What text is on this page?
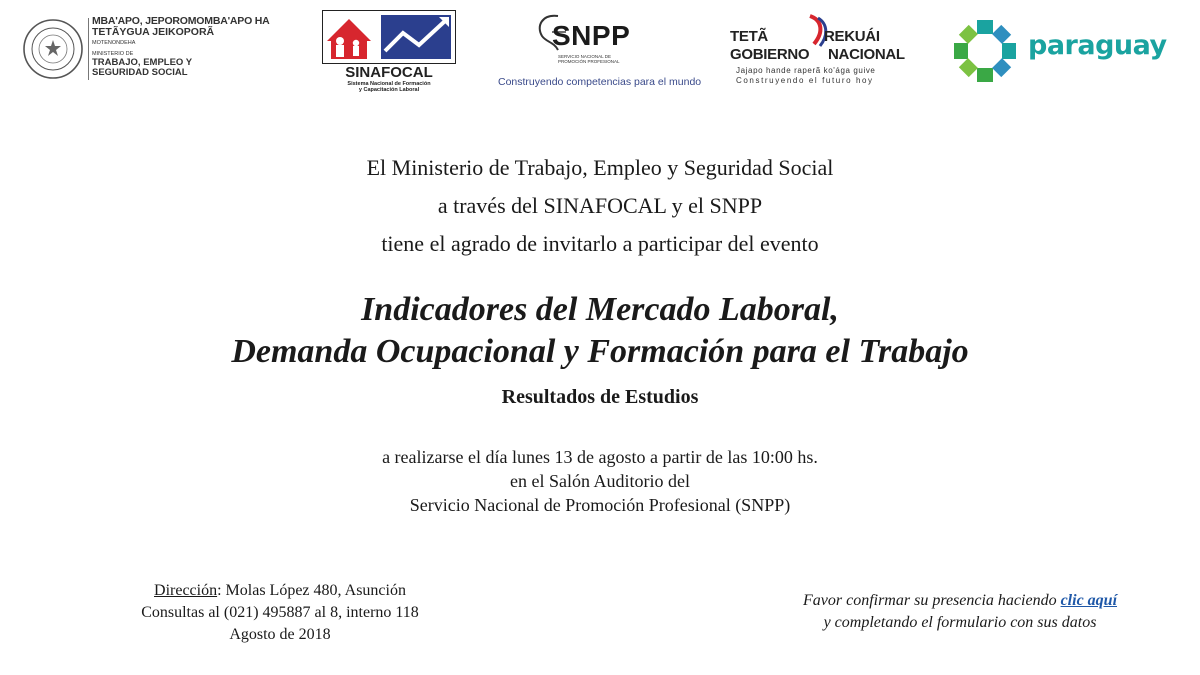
MBA'APO, JEPOROMOMBA'APO HA
TETÃYGUA JEIKOPORÃ
MOTENONDEHA
MINISTERIO DE
TRABAJO, EMPLEO Y
SEGURIDAD SOCIAL	SINAFOCAL
Sistema Nacional de Formación
y Capacitación Laboral
SNPP
SERVICIO NACIONAL DE
PROMOCIÓN PROFESIONAL
Construyendo competencias para el mundo
TETÃ	REKUÁI
GOBIERNO NACIONAL
Jajapo hande raperã ko'ága guive
Construyendo el futuro hoy
paraguay
El Ministerio de Trabajo, Empleo y Seguridad Social
a través del SINAFOCAL y el SNPP
tiene el agrado de invitarlo a participar del evento
Indicadores del Mercado Laboral,
Demanda Ocupacional y Formación para el Trabajo
Resultados de Estudios
a realizarse el día lunes 13 de agosto a partir de las 10:00 hs.
en el Salón Auditorio del
Servicio Nacional de Promoción Profesional (SNPP)
Dirección: Molas López 480, Asunción
Consultas al (021) 495887 al 8, interno 118
Agosto de 2018
Favor confirmar su presencia haciendo clic aquí
y completando el formulario con sus datos
